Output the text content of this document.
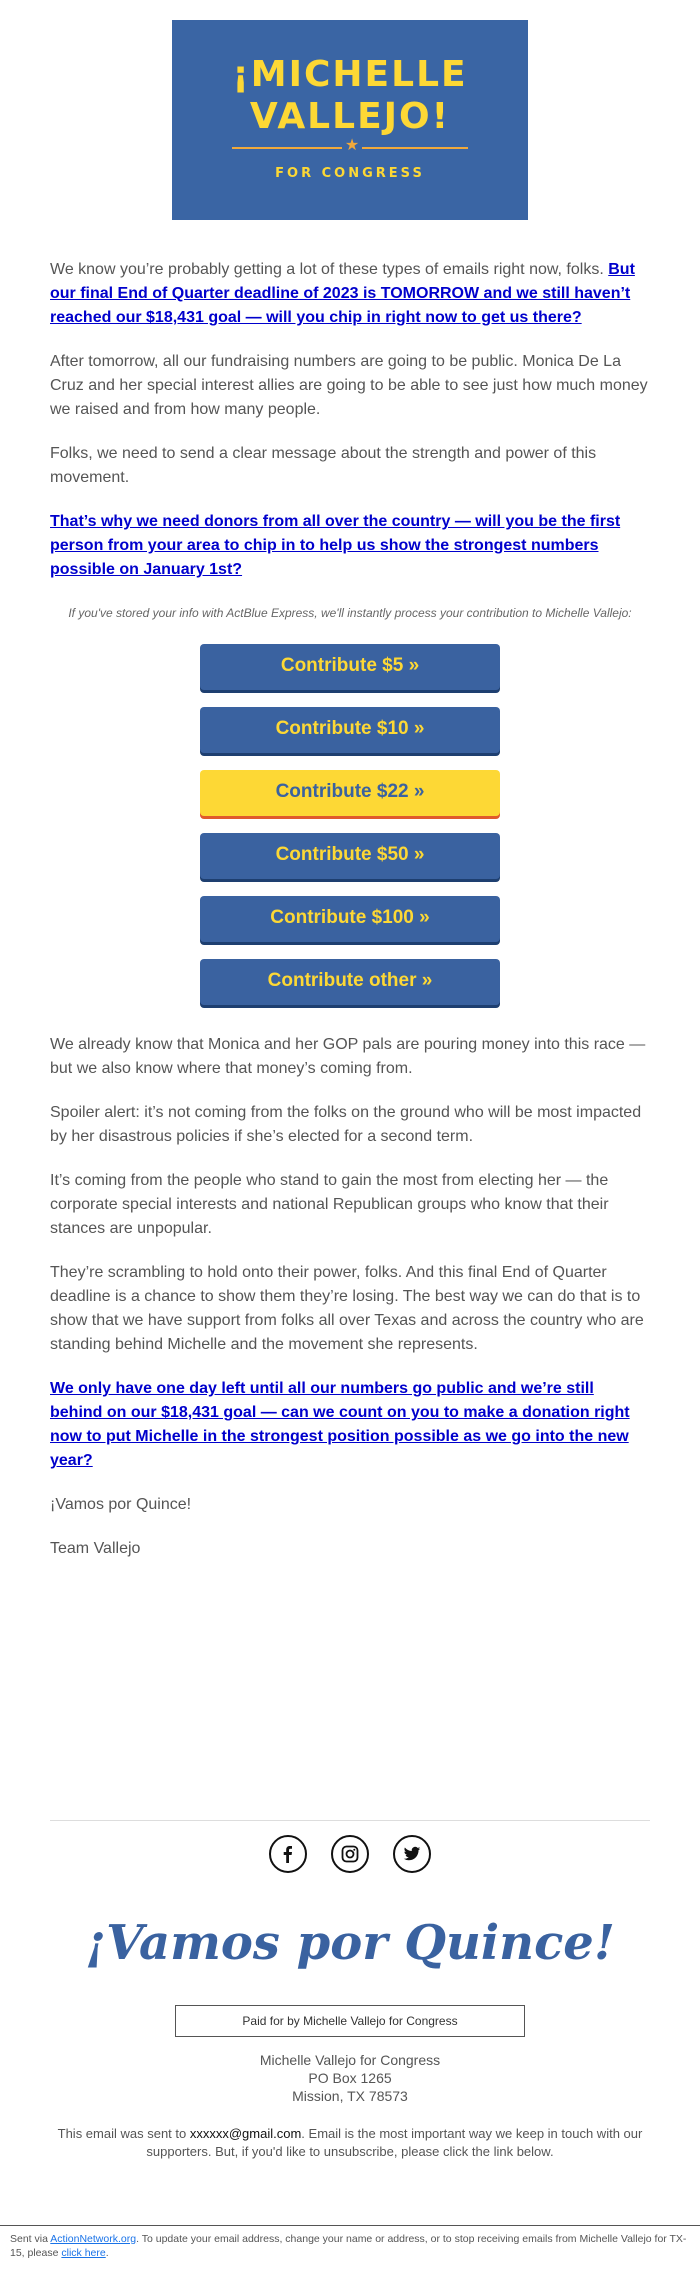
¡MICHELLE
VALLEJO!
★
FOR CONGRESS

We know you’re probably getting a lot of these types of emails right now, folks. But our final End of Quarter deadline of 2023 is TOMORROW and we still haven’t reached our $18,431 goal — will you chip in right now to get us there?

After tomorrow, all our fundraising numbers are going to be public. Monica De La Cruz and her special interest allies are going to be able to see just how much money we raised and from how many people.

Folks, we need to send a clear message about the strength and power of this movement.

That’s why we need donors from all over the country — will you be the first person from your area to chip in to help us show the strongest numbers possible on January 1st?

If you've stored your info with ActBlue Express, we'll instantly process your contribution to Michelle Vallejo:

Contribute $5 »
Contribute $10 »
Contribute $22 »
Contribute $50 »
Contribute $100 »
Contribute other »

We already know that Monica and her GOP pals are pouring money into this race — but we also know where that money’s coming from.

Spoiler alert: it’s not coming from the folks on the ground who will be most impacted by her disastrous policies if she’s elected for a second term.

It’s coming from the people who stand to gain the most from electing her — the corporate special interests and national Republican groups who know that their stances are unpopular.

They’re scrambling to hold onto their power, folks. And this final End of Quarter deadline is a chance to show them they’re losing. The best way we can do that is to show that we have support from folks all over Texas and across the country who are standing behind Michelle and the movement she represents.

We only have one day left until all our numbers go public and we’re still behind on our $18,431 goal — can we count on you to make a donation right now to put Michelle in the strongest position possible as we go into the new year?

¡Vamos por Quince!

Team Vallejo

¡Vamos por Quince!
Paid for by Michelle Vallejo for Congress
Michelle Vallejo for Congress
PO Box 1265
Mission, TX 78573
This email was sent to xxxxxx@gmail.com. Email is the most important way we keep in touch with our supporters. But, if you'd like to unsubscribe, please click the link below.
Sent via ActionNetwork.org. To update your email address, change your name or address, or to stop receiving emails from Michelle Vallejo for TX-15, please click here.
